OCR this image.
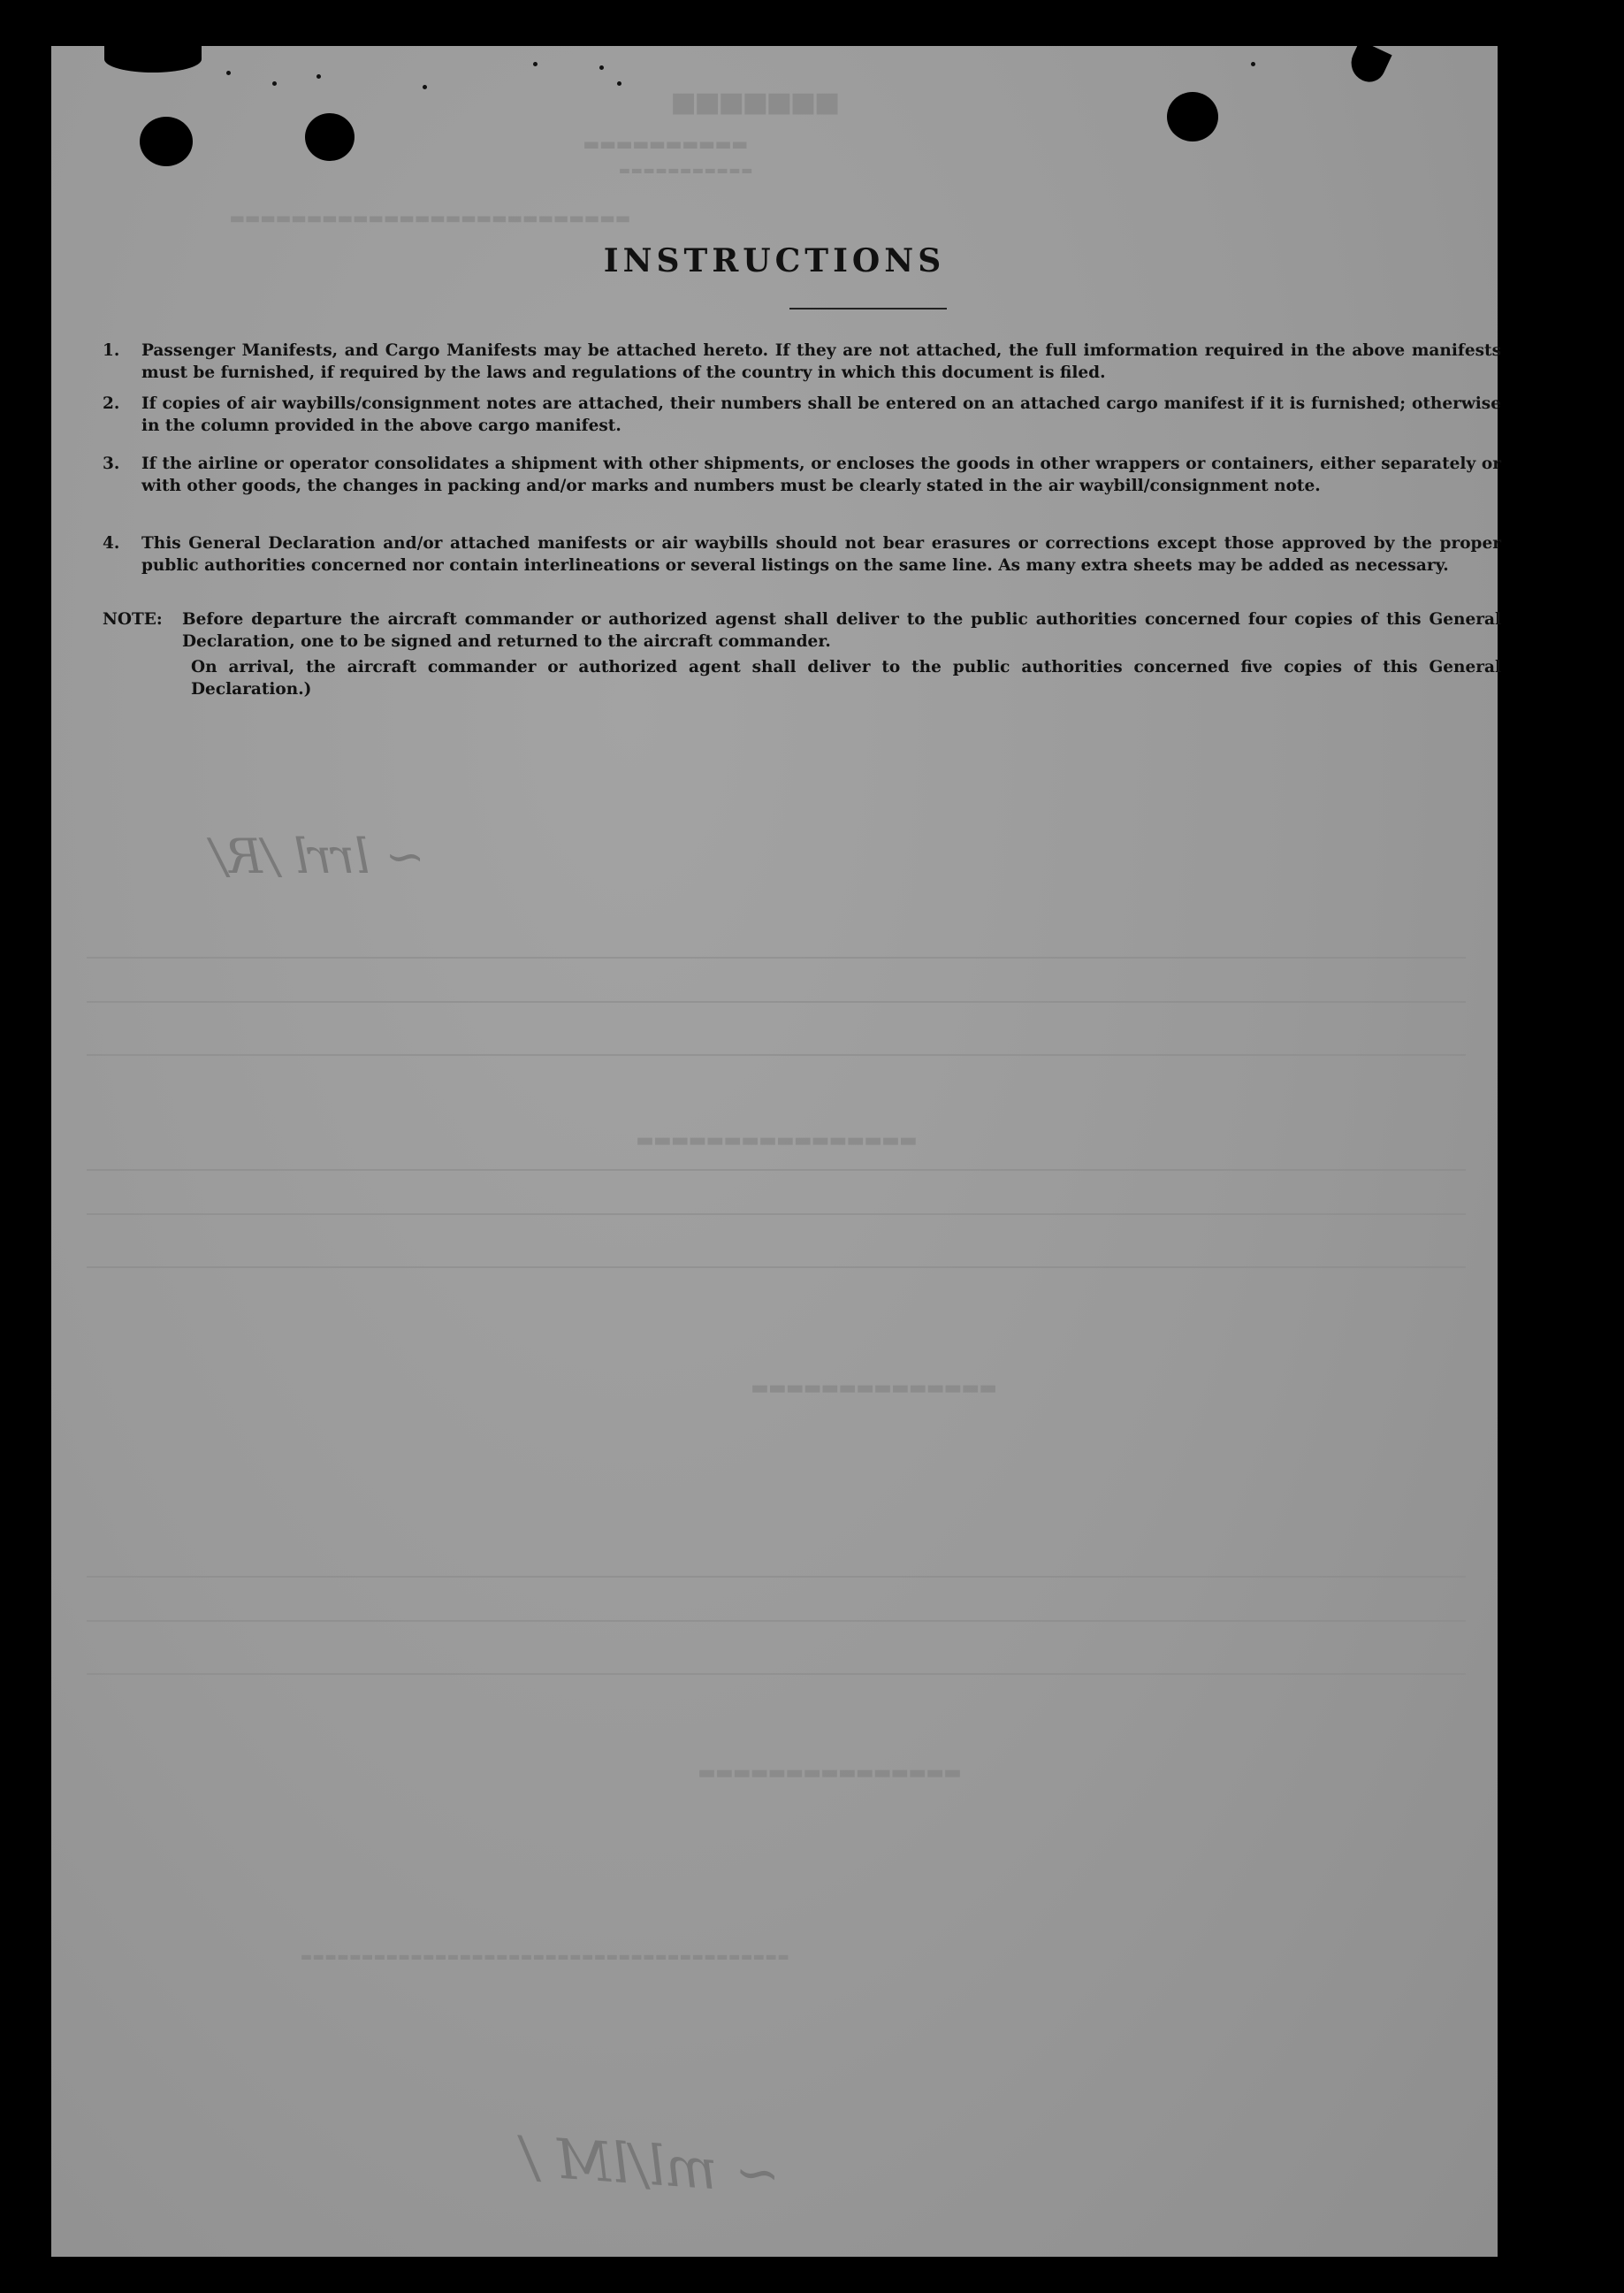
■■■■■■■
▬▬▬▬▬▬▬▬▬▬
▬▬▬▬▬▬▬▬▬▬▬
▬▬▬▬▬▬▬▬▬▬▬▬▬▬▬▬▬▬▬▬▬▬▬▬▬▬
▬▬▬▬▬▬▬▬▬▬▬▬▬▬▬▬
▬▬▬▬▬▬▬▬▬▬▬▬▬▬
▬▬▬▬▬▬▬▬▬▬▬▬▬▬▬
▬▬▬▬▬▬▬▬▬▬▬▬▬▬▬▬▬▬▬▬▬▬▬▬▬▬▬▬▬▬▬▬▬▬▬▬▬▬▬▬
~ lrrl /R/
~ ml/lM /
INSTRUCTIONS
1.	Passenger Manifests, and Cargo Manifests may be attached hereto. If they are not attached, the full imformation required in the above manifests must be furnished, if required by the laws and regulations of the country in which this document is filed.
2.	If copies of air waybills/consignment notes are attached, their numbers shall be entered on an attached cargo manifest if it is furnished; otherwise in the column provided in the above cargo manifest.
3.	If the airline or operator consolidates a shipment with other shipments, or encloses the goods in other wrappers or containers, either separately or with other goods, the changes in packing and/or marks and numbers must be clearly stated in the air waybill/consignment note.
4.	This General Declaration and/or attached manifests or air waybills should not bear erasures or corrections except those approved by the proper public authorities concerned nor contain interlineations or several listings on the same line. As many extra sheets may be added as necessary.
NOTE:	Before departure the aircraft commander or authorized agenst shall deliver to the public authorities concerned four copies of this General Declaration, one to be signed and returned to the aircraft commander.
On arrival, the aircraft commander or authorized agent shall deliver to the public authorities concerned five copies of this General Declaration.)
